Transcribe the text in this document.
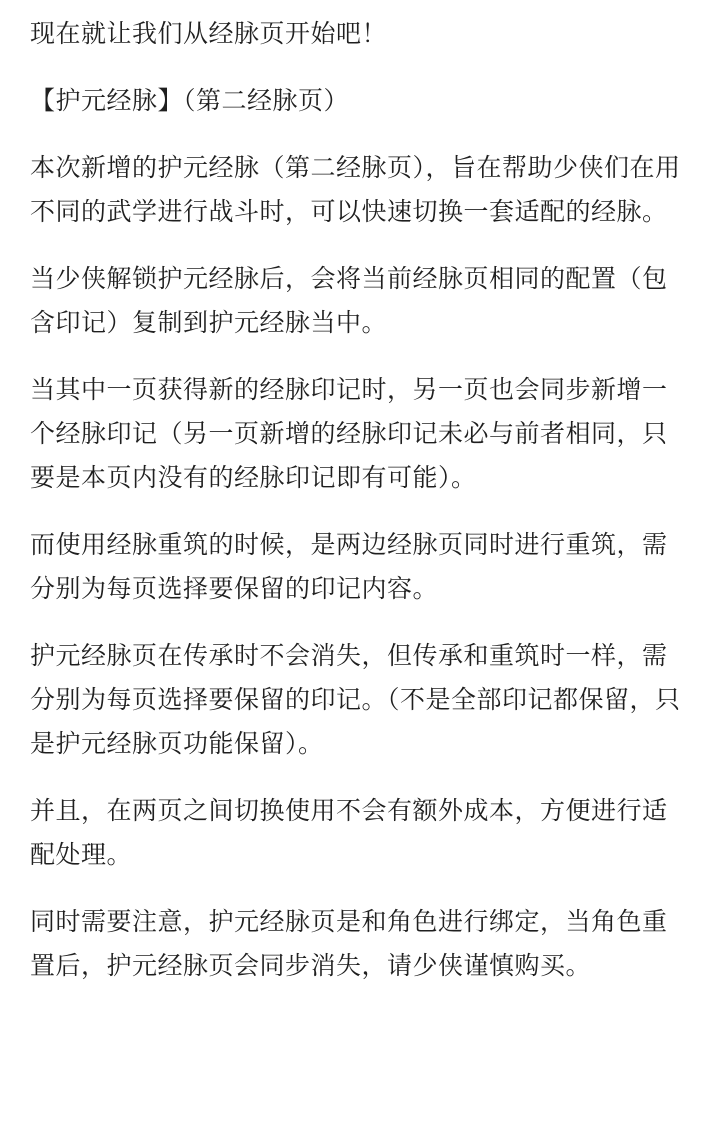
现在就让我们从经脉页开始吧！

【护元经脉】（第二经脉页）

本次新增的护元经脉（第二经脉页），旨在帮助少侠们在用不同的武学进行战斗时，可以快速切换一套适配的经脉。

当少侠解锁护元经脉后，会将当前经脉页相同的配置（包含印记）复制到护元经脉当中。

当其中一页获得新的经脉印记时，另一页也会同步新增一个经脉印记（另一页新增的经脉印记未必与前者相同，只要是本页内没有的经脉印记即有可能）。

而使用经脉重筑的时候，是两边经脉页同时进行重筑，需分别为每页选择要保留的印记内容。

护元经脉页在传承时不会消失，但传承和重筑时一样，需分别为每页选择要保留的印记。（不是全部印记都保留，只是护元经脉页功能保留）。

并且，在两页之间切换使用不会有额外成本，方便进行适配处理。

同时需要注意，护元经脉页是和角色进行绑定，当角色重置后，护元经脉页会同步消失，请少侠谨慎购买。
